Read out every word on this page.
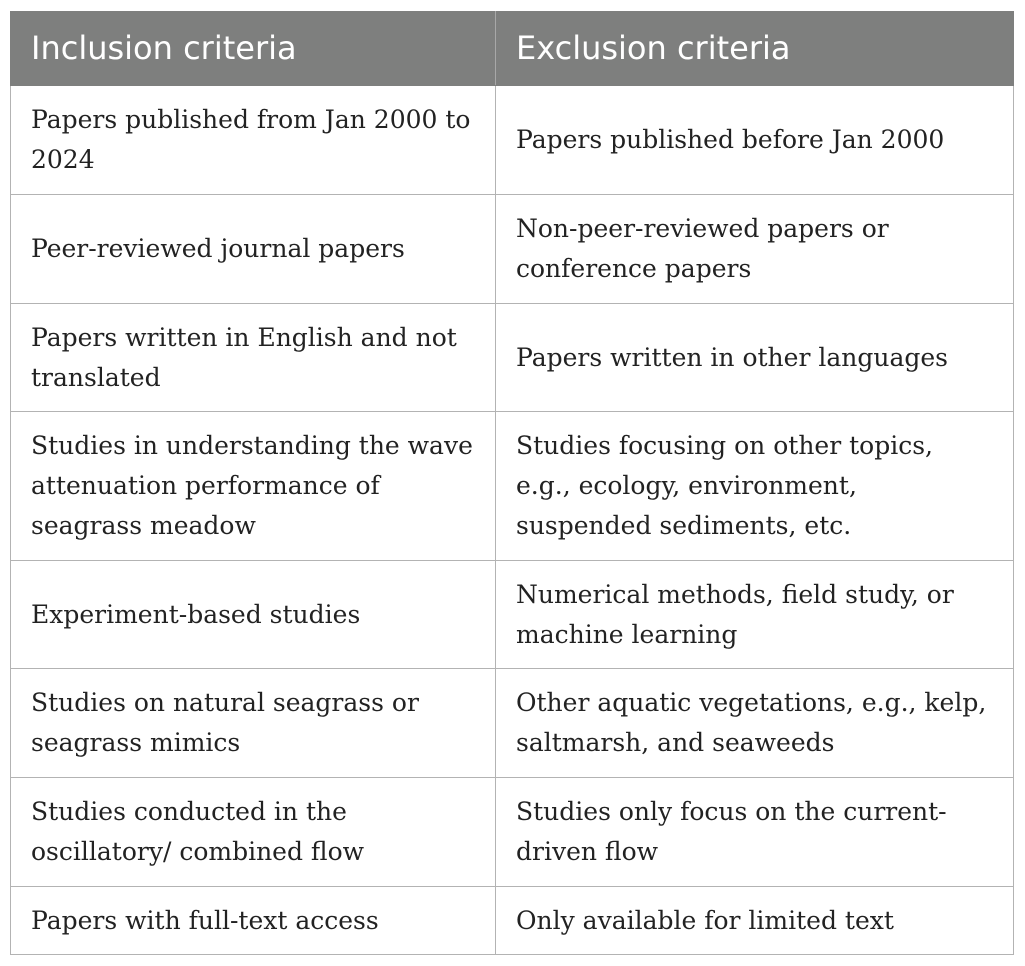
Inclusion criteria	Exclusion criteria
Papers published from Jan 2000 to 2024	Papers published before Jan 2000
Peer-reviewed journal papers	Non-peer-reviewed papers or conference papers
Papers written in English and not translated	Papers written in other languages
Studies in understanding the wave attenuation performance of seagrass meadow	Studies focusing on other topics, e.g., ecology, environment, suspended sediments, etc.
Experiment-based studies	Numerical methods, field study, or machine learning
Studies on natural seagrass or seagrass mimics	Other aquatic vegetations, e.g., kelp, saltmarsh, and seaweeds
Studies conducted in the oscillatory/ combined flow	Studies only focus on the current-driven flow
Papers with full-text access	Only available for limited text
